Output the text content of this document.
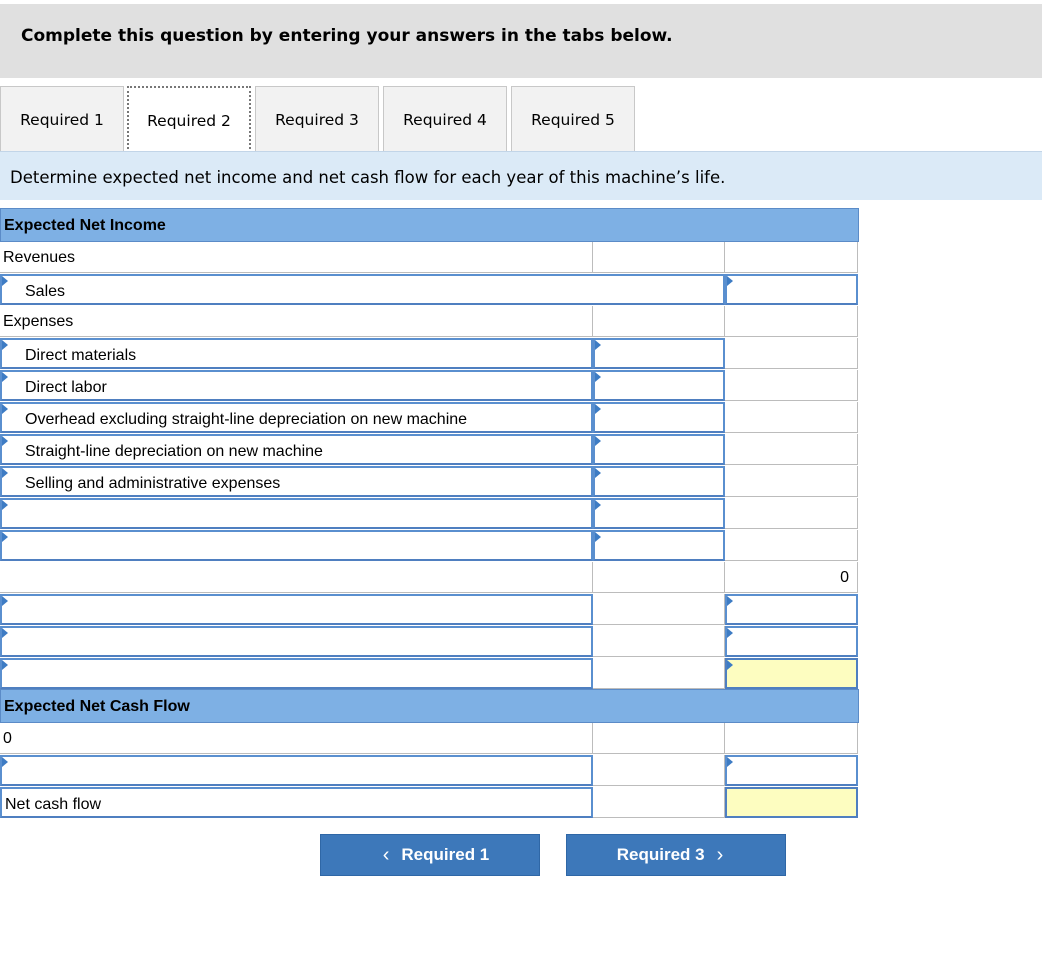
Complete this question by entering your answers in the tabs below.
Required 1	Required 2	Required 3	Required 4	Required 5
Determine expected net income and net cash flow for each year of this machine’s life.
Expected Net Income
Revenues
Sales
Expenses
Direct materials
Direct labor
Overhead excluding straight-line depreciation on new machine
Straight-line depreciation on new machine
Selling and administrative expenses
0
Expected Net Cash Flow
0
Net cash flow
‹ Required 1	Required 3 ›
